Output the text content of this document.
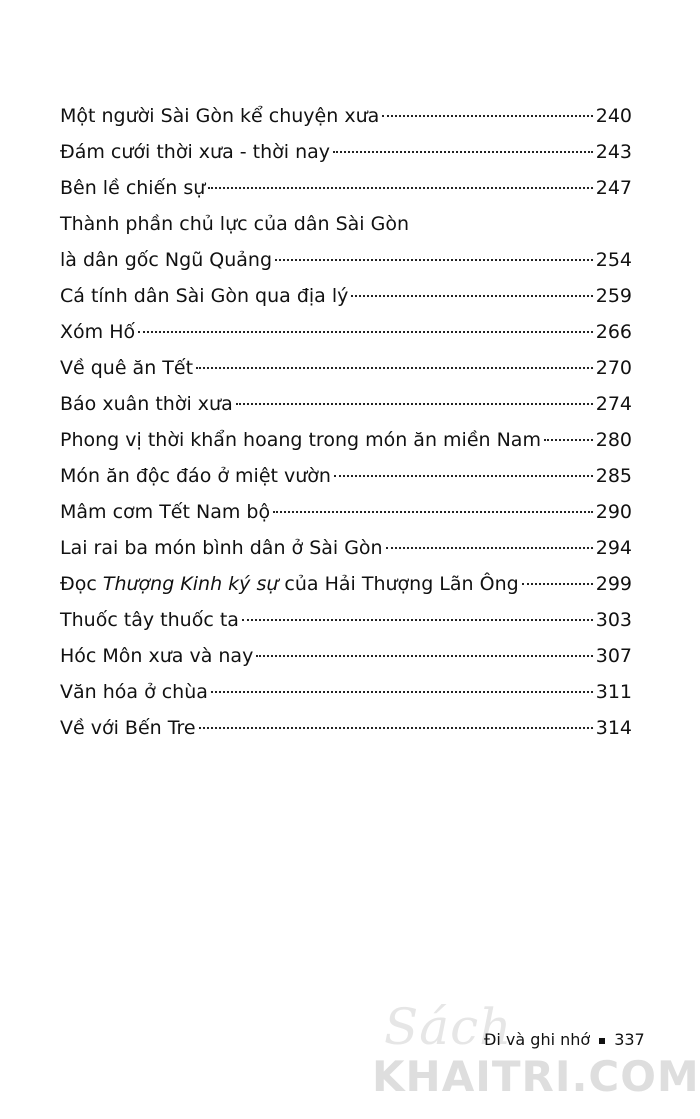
Một người Sài Gòn kể chuyện xưa	240
Đám cưới thời xưa - thời nay	243
Bên lề chiến sự	247
Thành phần chủ lực của dân Sài Gòn
là dân gốc Ngũ Quảng	254
Cá tính dân Sài Gòn qua địa lý	259
Xóm Hố	266
Về quê ăn Tết	270
Báo xuân thời xưa	274
Phong vị thời khẩn hoang trong món ăn miền Nam	280
Món ăn độc đáo ở miệt vườn	285
Mâm cơm Tết Nam bộ	290
Lai rai ba món bình dân ở Sài Gòn	294
Đọc Thượng Kinh ký sự của Hải Thượng Lãn Ông	299
Thuốc tây thuốc ta	303
Hóc Môn xưa và nay	307
Văn hóa ở chùa	311
Về với Bến Tre	314
Sách
KHAITRI.COM
Đi và ghi nhớ 337
